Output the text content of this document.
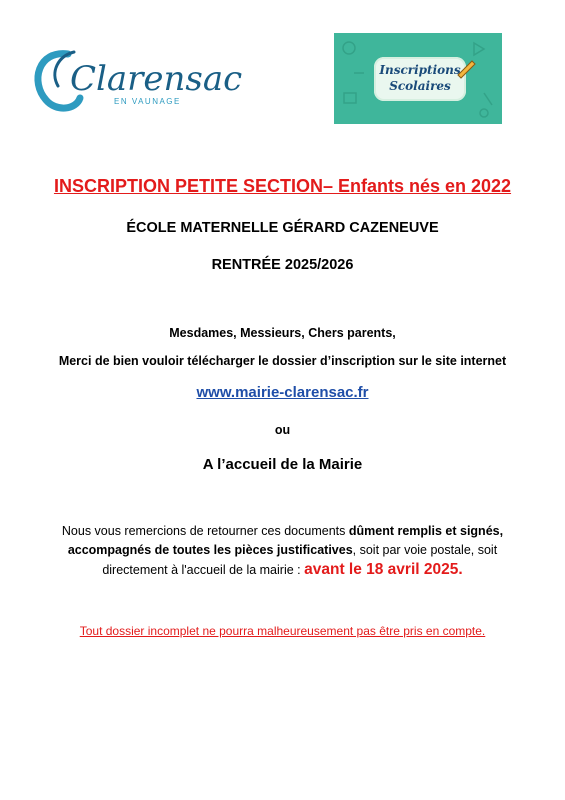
Clarensac
EN VAUNAGE
Inscriptions
Scolaires
INSCRIPTION PETITE SECTION– Enfants nés en 2022
ÉCOLE MATERNELLE GÉRARD CAZENEUVE
RENTRÉE 2025/2026
Mesdames, Messieurs, Chers parents,
Merci de bien vouloir télécharger le dossier d’inscription sur le site internet
www.mairie-clarensac.fr
ou
A l’accueil de la Mairie
Nous vous remercions de retourner ces documents dûment remplis et signés, accompagnés de toutes les pièces justificatives, soit par voie postale, soit directement à l'accueil de la mairie : avant le 18 avril 2025.
Tout dossier incomplet ne pourra malheureusement pas être pris en compte.
